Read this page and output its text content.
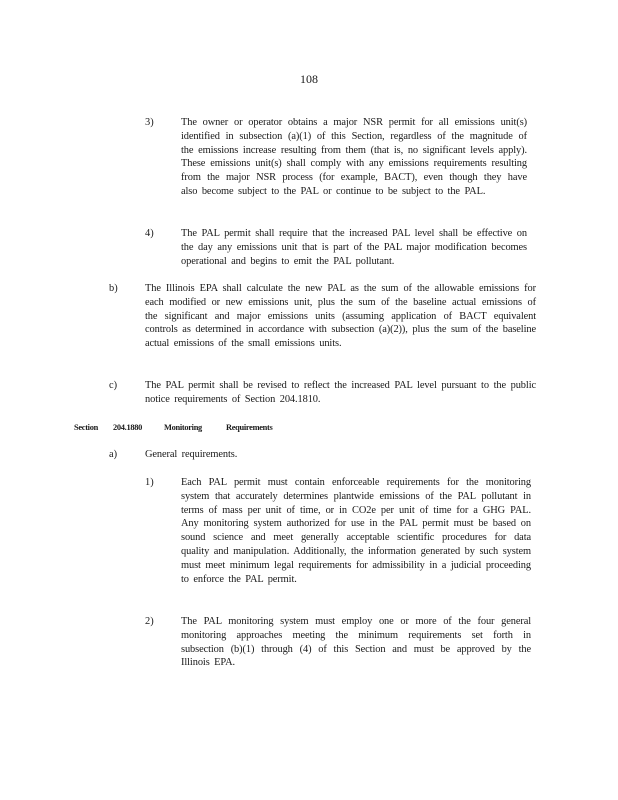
108
3)	The owner or operator obtains a major NSR permit for all emissions unit(s) identified in subsection (a)(1) of this Section, regardless of the magnitude of the emissions increase resulting from them (that is, no significant levels apply). These emissions unit(s) shall comply with any emissions requirements resulting from the major NSR process (for example, BACT), even though they have also become subject to the PAL or continue to be subject to the PAL.
4)	The PAL permit shall require that the increased PAL level shall be effective on the day any emissions unit that is part of the PAL major modification becomes operational and begins to emit the PAL pollutant.
b)	The Illinois EPA shall calculate the new PAL as the sum of the allowable emissions for each modified or new emissions unit, plus the sum of the baseline actual emissions of the significant and major emissions units (assuming application of BACT equivalent controls as determined in accordance with subsection (a)(2)), plus the sum of the baseline actual emissions of the small emissions units.
c)	The PAL permit shall be revised to reflect the increased PAL level pursuant to the public notice requirements of Section 204.1810.
Section 204.1880	Monitoring	Requirements
a)	General requirements.
1)	Each PAL permit must contain enforceable requirements for the monitoring system that accurately determines plantwide emissions of the PAL pollutant in terms of mass per unit of time, or in CO2e per unit of time for a GHG PAL. Any monitoring system authorized for use in the PAL permit must be based on sound science and meet generally acceptable scientific procedures for data quality and manipulation. Additionally, the information generated by such system must meet minimum legal requirements for admissibility in a judicial proceeding to enforce the PAL permit.
2)	The PAL monitoring system must employ one or more of the four general monitoring approaches meeting the minimum requirements set forth in subsection (b)(1) through (4) of this Section and must be approved by the Illinois EPA.
